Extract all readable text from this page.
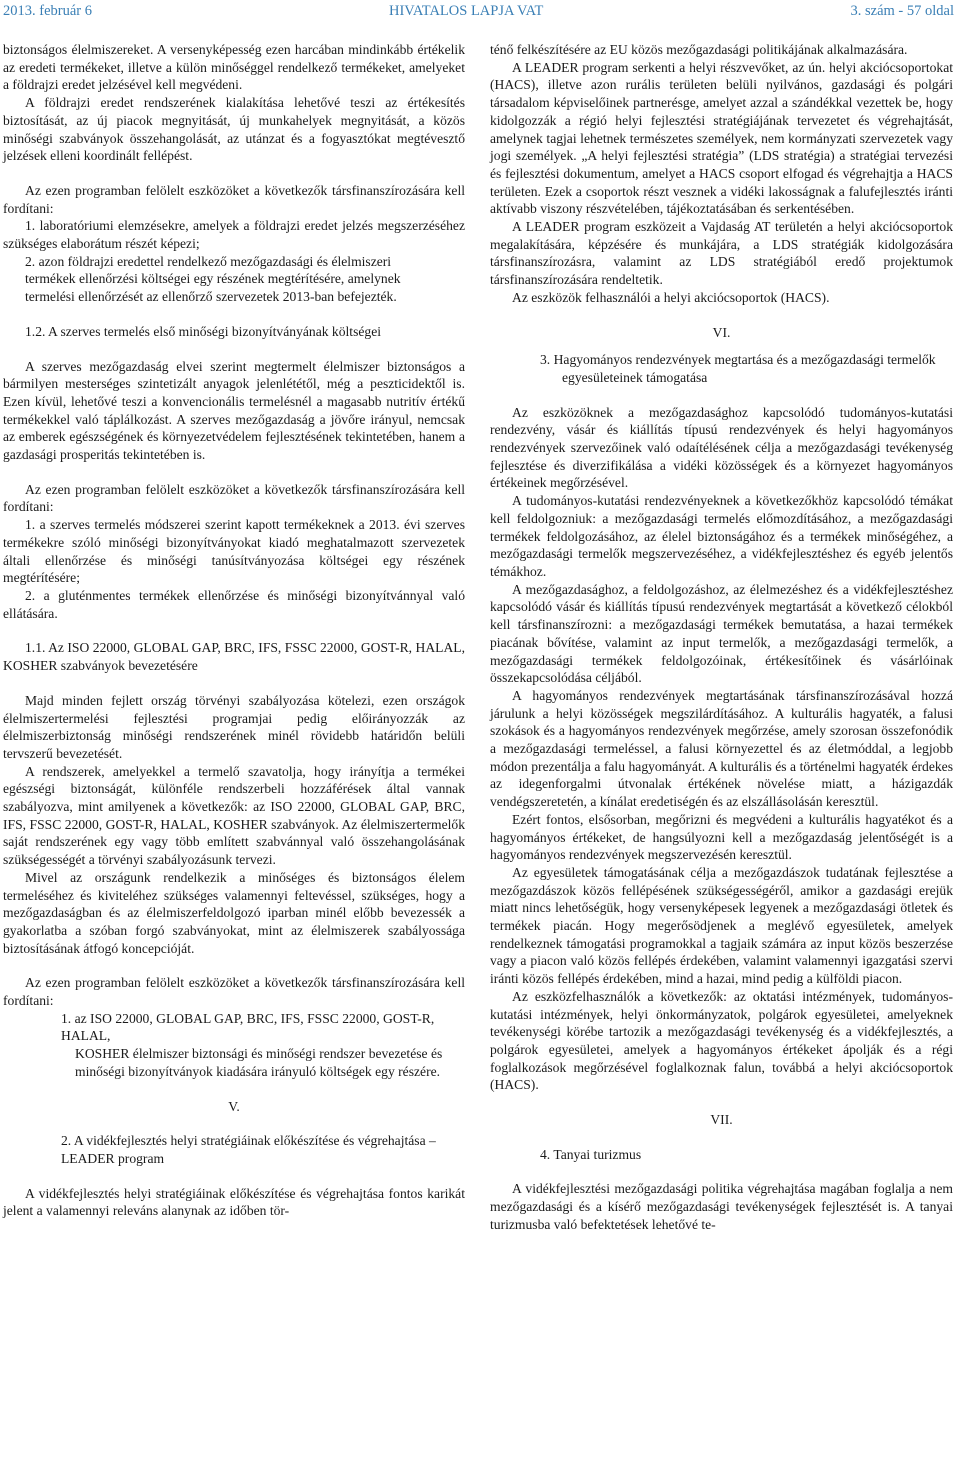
2013. február 6	HIVATALOS LAPJA VAT	3. szám - 57 oldal

biztonságos élelmiszereket. A versenyképesség ezen harcában mindinkább értékelik az eredeti termékeket, illetve a külön minőséggel rendelkező termékeket, amelyeket a földrajzi eredet jelzésével kell megvédeni.

A földrajzi eredet rendszerének kialakítása lehetővé teszi az értékesítés biztosítását, az új piacok megnyitását, új munkahelyek megnyitását, a közös minőségi szabványok összehangolását, az utánzat és a fogyasztókat megtévesztő jelzések elleni koordinált fellépést.

Az ezen programban felölelt eszközöket a következők társfinanszírozására kell fordítani:

1. laboratóriumi elemzésekre, amelyek a földrajzi eredet jelzés megszerzéséhez szükséges elaborátum részét képezi;

2. azon földrajzi eredettel rendelkező mezőgazdasági és élelmiszeri

termékek ellenőrzési költségei egy részének megtérítésére, amelynek

termelési ellenőrzését az ellenőrző szervezetek 2013-ban befejezték.

1.2. A szerves termelés első minőségi bizonyítványának költségei

A szerves mezőgazdaság elvei szerint megtermelt élelmiszer biztonságos a bármilyen mesterséges szintetizált anyagok jelenlététől, még a peszticidektől is. Ezen kívül, lehetővé teszi a konvencionális termelésnél a magasabb nutritív értékű termékekkel való táplálkozást. A szerves mezőgazdaság a jövőre irányul, nemcsak az emberek egészségének és környezetvédelem fejlesztésének tekintetében, hanem a gazdasági prosperitás tekintetében is.

Az ezen programban felölelt eszközöket a következők társfinanszírozására kell fordítani:

1. a szerves termelés módszerei szerint kapott termékeknek a 2013. évi szerves termékekre szóló minőségi bizonyítványokat kiadó meghatalmazott szervezetek általi ellenőrzése és minőségi tanúsítványozása költségei egy részének megtérítésére;

2. a gluténmentes termékek ellenőrzése és minőségi bizonyítvánnyal való ellátására.

1.1. Az ISO 22000, GLOBAL GAP, BRC, IFS, FSSC 22000, GOST-R, HALAL, KOSHER szabványok bevezetésére

Majd minden fejlett ország törvényi szabályozása kötelezi, ezen országok élelmiszertermelési fejlesztési programjai pedig előirányozzák az élelmiszerbiztonság minőségi rendszerének minél rövidebb határidőn belüli tervszerű bevezetését.

A rendszerek, amelyekkel a termelő szavatolja, hogy irányítja a termékei egészségi biztonságát, különféle rendszerbeli hozzáférések által vannak szabályozva, mint amilyenek a következők: az ISO 22000, GLOBAL GAP, BRC, IFS, FSSC 22000, GOST-R, HALAL, KOSHER szabványok. Az élelmiszertermelők saját rendszerének egy vagy több említett szabvánnyal való összehangolásának szükségességét a törvényi szabályozásunk tervezi.

Mivel az országunk rendelkezik a minőséges és biztonságos élelem termeléséhez és kiviteléhez szükséges valamennyi feltevéssel, szükséges, hogy a mezőgazdaságban és az élelmiszerfeldolgozó iparban minél előbb bevezessék a gyakorlatba a szóban forgó szabványokat, mint az élelmiszerek szabályossága biztosításának átfogó koncepcióját.

Az ezen programban felölelt eszközöket a következők társfinanszírozására kell fordítani:

1. az ISO 22000, GLOBAL GAP, BRC, IFS, FSSC 22000, GOST-R, HALAL,

KOSHER élelmiszer biztonsági és minőségi rendszer bevezetése és

minőségi bizonyítványok kiadására irányuló költségek egy részére.

V.

2. A vidékfejlesztés helyi stratégiáinak előkészítése és végrehajtása – LEADER program

A vidékfejlesztés helyi stratégiáinak előkészítése és végrehajtása fontos karikát jelent a valamennyi releváns alanynak az időben tör-

ténő felkészítésére az EU közös mezőgazdasági politikájának alkalmazására.

A LEADER program serkenti a helyi részvevőket, az ún. helyi akciócsoportokat (HACS), illetve azon rurális területen belüli nyilvános, gazdasági és polgári társadalom képviselőinek partnerésge, amelyet azzal a szándékkal vezettek be, hogy kidolgozzák a régió helyi fejlesztési stratégiájának tervezetet és végrehajtását, amelynek tagjai lehetnek természetes személyek, nem kormányzati szervezetek vagy jogi személyek. „A helyi fejlesztési stratégia” (LDS stratégia) a stratégiai tervezési és fejlesztési dokumentum, amelyet a HACS csoport elfogad és végrehajtja a HACS területen. Ezek a csoportok részt vesznek a vidéki lakosságnak a falufejlesztés iránti aktívabb viszony részvételében, tájékoztatásában és serkentésében.

A LEADER program eszközeit a Vajdaság AT területén a helyi akciócsoportok megalakítására, képzésére és munkájára, a LDS stratégiák kidolgozására társfinanszírozásra, valamint az LDS stratégiából eredő projektumok társfinanszírozására rendeltetik.

Az eszközök felhasználói a helyi akciócsoportok (HACS).

VI.

3. Hagyományos rendezvények megtartása és a mezőgazdasági termelők egyesületeinek támogatása

Az eszközöknek a mezőgazdasághoz kapcsolódó tudományos-kutatási rendezvény, vásár és kiállítás típusú rendezvények és helyi hagyományos rendezvények szervezőinek való odaítélésének célja a mezőgazdasági tevékenység fejlesztése és diverzifikálása a vidéki közösségek és a környezet hagyományos értékeinek megőrzésével.

A tudományos-kutatási rendezvényeknek a következőkhöz kapcsolódó témákat kell feldolgozniuk: a mezőgazdasági termelés előmozdításához, a mezőgazdasági termékek feldolgozásához, az élelel biztonságához és a termékek minőségéhez, a mezőgazdasági termelők megszervezéséhez, a vidékfejlesztéshez és egyéb jelentős témákhoz.

A mezőgazdasághoz, a feldolgozáshoz, az élelmezéshez és a vidékfejlesztéshez kapcsolódó vásár és kiállítás típusú rendezvények megtartását a következő célokból kell társfinanszírozni: a mezőgazdasági termékek bemutatása, a hazai termékek piacának bővítése, valamint az input termelők, a mezőgazdasági termelők, a mezőgazdasági termékek feldolgozóinak, értékesítőinek és vásárlóinak összekapcsolódása céljából.

A hagyományos rendezvények megtartásának társfinanszírozásával hozzá járulunk a helyi közösségek megszilárdításához. A kulturális hagyaték, a falusi szokások és a hagyományos rendezvények megőrzése, amely szorosan összefonódik a mezőgazdasági termeléssel, a falusi környezettel és az életmóddal, a legjobb módon prezentálja a falu hagyományát. A kulturális és a történelmi hagyaték érdekes az idegenforgalmi útvonalak értékének növelése miatt, a házigazdák vendégszeretetén, a kínálat eredetiségén és az elszállásolásán keresztül.

Ezért fontos, elsősorban, megőrizni és megvédeni a kulturális hagyatékot és a hagyományos értékeket, de hangsúlyozni kell a mezőgazdaság jelentőségét is a hagyományos rendezvények megszervezésén keresztül.

Az egyesületek támogatásának célja a mezőgazdászok tudatának fejlesztése a mezőgazdászok közös fellépésének szükségességéről, amikor a gazdasági erejük miatt nincs lehetőségük, hogy versenyképesek legyenek a mezőgazdasági ötletek és termékek piacán. Hogy megerősödjenek a meglévő egyesületek, amelyek rendelkeznek támogatási programokkal a tagjaik számára az input közös beszerzése vagy a piacon való közös fellépés érdekében, valamint valamennyi igazgatási szervi iránti közös fellépés érdekében, mind a hazai, mind pedig a külföldi piacon.

Az eszközfelhasználók a következők: az oktatási intézmények, tudományos-kutatási intézmények, helyi önkormányzatok, polgárok egyesületei, amelyeknek tevékenységi körébe tartozik a mezőgazdasági tevékenység és a vidékfejlesztés, a polgárok egyesületei, amelyek a hagyományos értékeket ápolják és a régi foglalkozások megőrzésével foglalkoznak falun, továbbá a helyi akciócsoportok (HACS).

VII.

4. Tanyai turizmus

A vidékfejlesztési mezőgazdasági politika végrehajtása magában foglalja a nem mezőgazdasági és a kísérő mezőgazdasági tevékenységek fejlesztését is. A tanyai turizmusba való befektetések lehetővé te-
